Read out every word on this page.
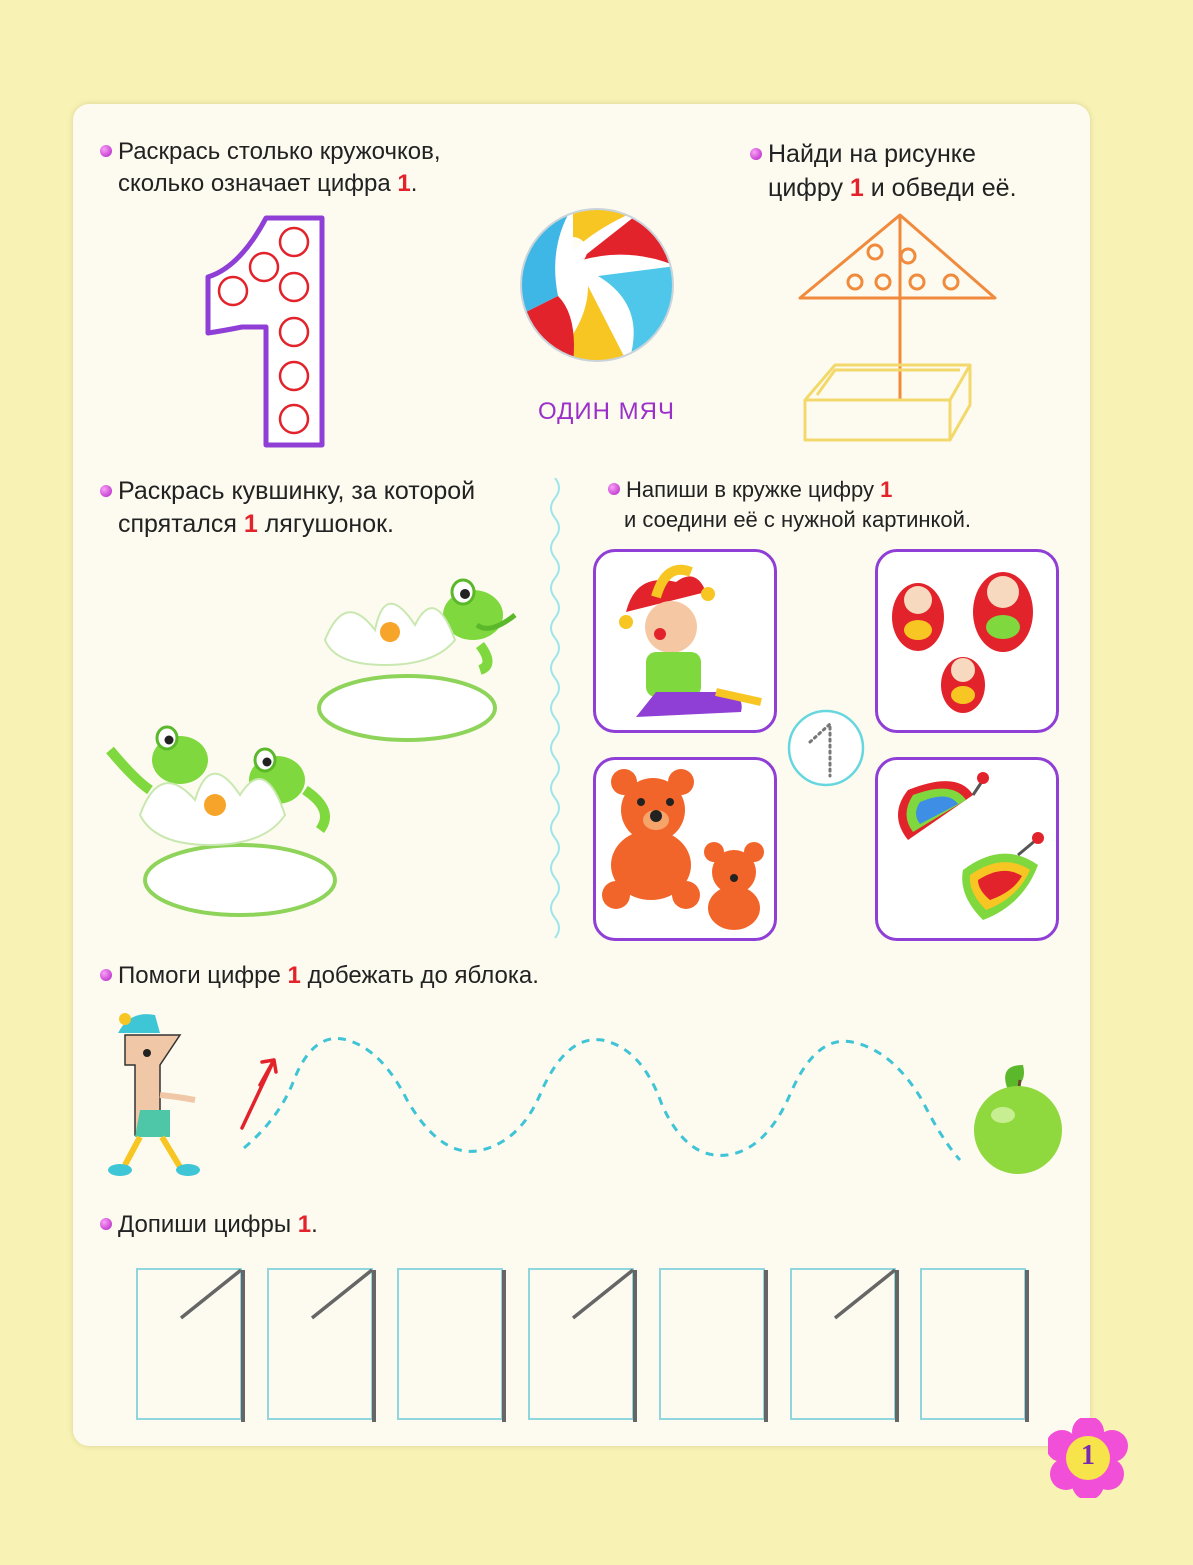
Раскрась столько кружочков,
сколько означает цифра 1.
ОДИН МЯЧ
Найди на рисунке
цифру 1 и обведи её.
Раскрась кувшинку, за которой
спрятался 1 лягушонок.
Напиши в кружке цифру 1
и соедини её с нужной картинкой.
Помоги цифре 1 добежать до яблока.
Допиши цифры 1.
1
